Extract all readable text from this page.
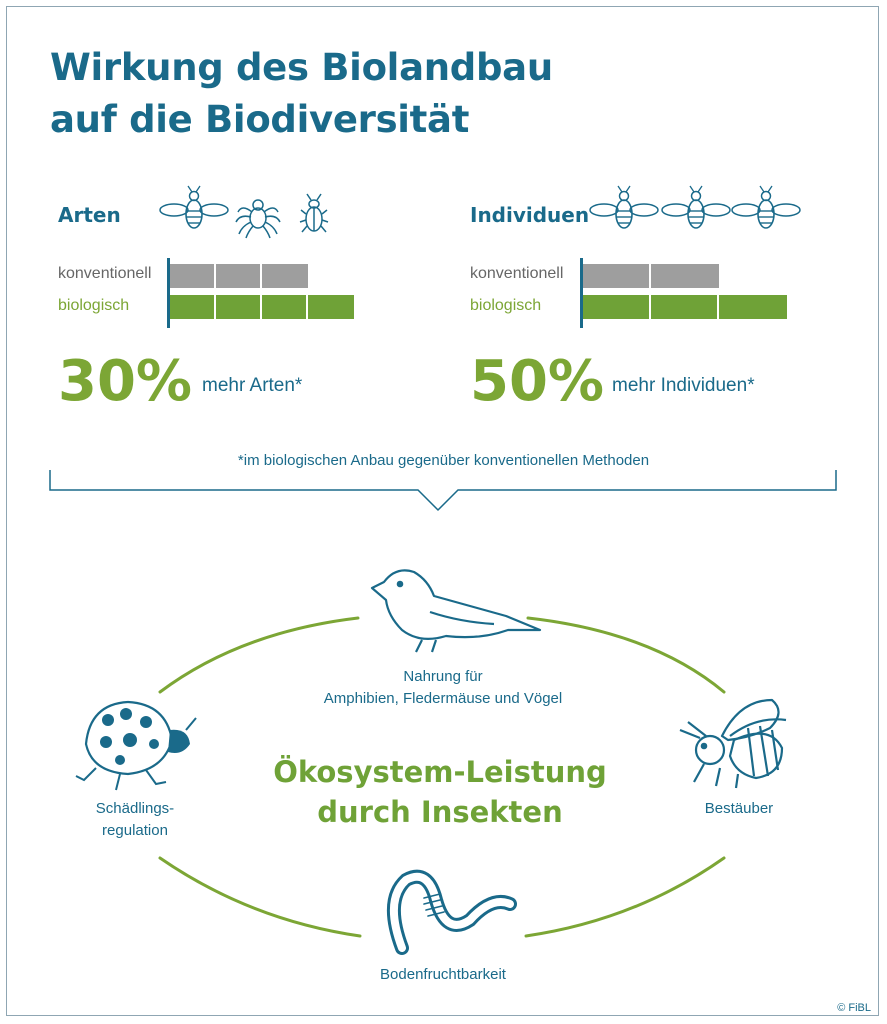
Wirkung des Biolandbau
auf die Biodiversität
Arten
konventionell
biologisch
30% mehr Arten*
Individuen
konventionell
biologisch
50% mehr Individuen*
*im biologischen Anbau gegenüber konventionellen Methoden
Ökosystem-Leistung
durch Insekten
Nahrung für
Amphibien, Fledermäuse und Vögel
Schädlings-
regulation
Bestäuber
Bodenfruchtbarkeit
© FiBL
